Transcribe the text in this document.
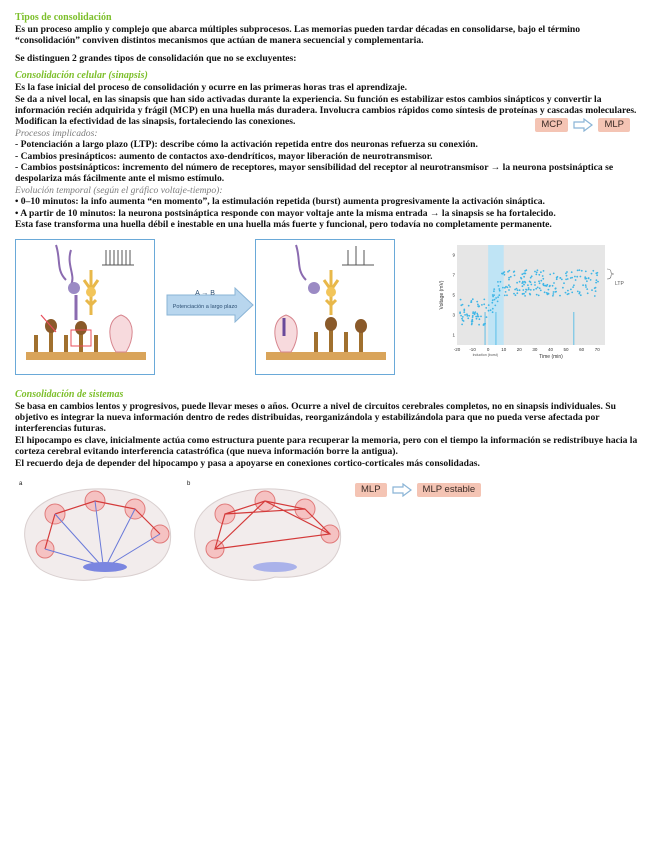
Tipos de consolidación

Es un proceso amplio y complejo que abarca múltiples subprocesos. Las memorias pueden tardar décadas en consolidarse, bajo el término “consolidación” conviven distintos mecanismos que actúan de manera secuencial y complementaria.

Se distinguen 2 grandes tipos de consolidación que no se excluyentes:

Consolidación celular (sinapsis)

Es la fase inicial del proceso de consolidación y ocurre en las primeras horas tras el aprendizaje.

Se da a nivel local, en las sinapsis que han sido activadas durante la experiencia. Su función es estabilizar estos cambios sinápticos y convertir la información recién adquirida y frágil (MCP) en una huella más duradera. Involucra cambios rápidos como síntesis de proteínas y cascadas moleculares. Modifican la efectividad de las sinapsis, fortaleciendo las conexiones.	MCP	MLP
Procesos implicados:

- Potenciación a largo plazo (LTP): describe cómo la activación repetida entre dos neuronas refuerza su conexión.

- Cambios presinápticos: aumento de contactos axo-dendríticos, mayor liberación de neurotransmisor.

- Cambios postsinápticos: incremento del número de receptores, mayor sensibilidad del receptor al neurotransmisor → la neurona postsináptica se despolariza más fácilmente ante el mismo estímulo.

Evolución temporal (según el gráfico voltaje-tiempo):

• 0–10 minutos: la info aumenta “en momento”, la estimulación repetida (burst) aumenta progresivamente la activación sináptica.

• A partir de 10 minutos: la neurona postsináptica responde con mayor voltaje ante la misma entrada → la sinapsis se ha fortalecido.

Esta fase transforma una huella débil e inestable en una huella más fuerte y funcional, pero todavía no completamente permanente.

A → B
Potenciación a largo plazo
-20 -10 0	10 20 30 40 50 60 70
1
3
5
7
9
Time (min)
Voltage (mV)	LTP
Induction (burst)
Consolidación de sistemas

Se basa en cambios lentos y progresivos, puede llevar meses o años. Ocurre a nivel de circuitos cerebrales completos, no en sinapsis individuales. Su objetivo es integrar la nueva información dentro de redes distribuidas, reorganizándola y estabilizándola para que no pueda verse afectada por interferencias futuras.

El hipocampo es clave, inicialmente actúa como estructura puente para recuperar la memoria, pero con el tiempo la información se redistribuye hacia la corteza cerebral evitando interferencia catastrófica (que nueva información borre la antigua).

El recuerdo deja de depender del hipocampo y pasa a apoyarse en conexiones cortico-corticales más consolidadas.

a	b	MLP	MLP estable
